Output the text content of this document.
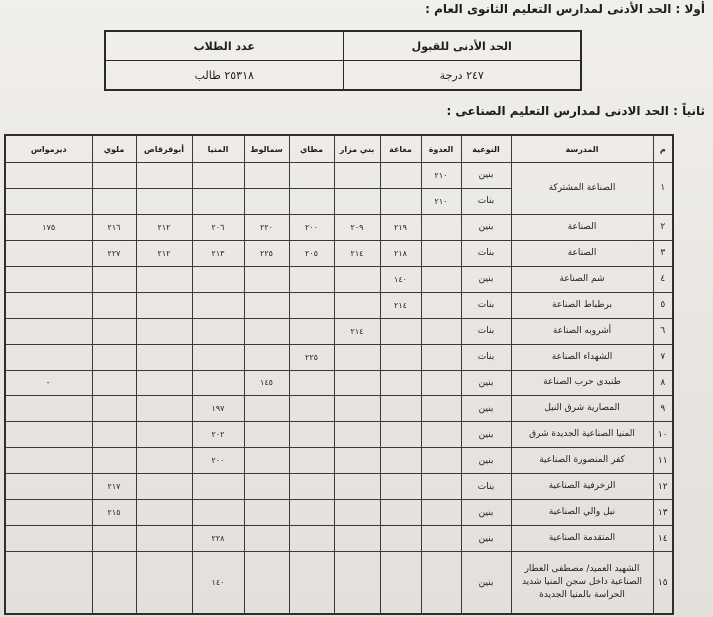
أولا : الحد الأدنى لمدارس التعليم الثانوى العام :
الحد الأدنى للقبول	عدد الطلاب
٢٤٧ درجة	٢٥٣١٨ طالب
ثانياً : الحد الادنى لمدارس التعليم الصناعى :
م	المدرسة	النوعية	العدوة	مغاغة	بني مزار	مطاي	سمالوط	المنيا	أبوقرقاص	ملوي	ديرمواس
١	الصناعة المشتركة	بنين	٢١٠								
		بنات	٢١٠								
٢	الصناعة	بنين		٢١٩	٢٠٩	٢٠٠	٢٢٠	٢٠٦	٢١٢	٢١٦	١٧٥
٣	الصناعة	بنات		٢١٨	٢١٤	٢٠٥	٢٢٥	٢١٣	٢١٢	٢٢٧	
٤	شم الصناعة	بنين		١٤٠							
٥	برطباط الصناعة	بنات		٢١٤							
٦	أشروبه الصناعة	بنات			٢١٤						
٧	الشهداء الصناعة	بنات				٢٢٥					
٨	طنبدى حرب الصناعة	بنين					١٤٥				-
٩	المصارية شرق النيل	بنين						١٩٧			
١٠	المنيا الصناعية الجديدة شرق	بنين						٢٠٢			
١١	كفر المنصورة الصناعية	بنين						٢٠٠			
١٢	الزخرفية الصناعية	بنات								٢١٧	
١٣	نيل والي الصناعية	بنين								٢١٥	
١٤	المتقدمة الصناعية	بنين						٢٢٨			
١٥	الشهيد العميد/ مصطفى العطار الصناعية داخل سجن المنيا شديد الحراسة بالمنيا الجديدة	بنين						١٤٠			
